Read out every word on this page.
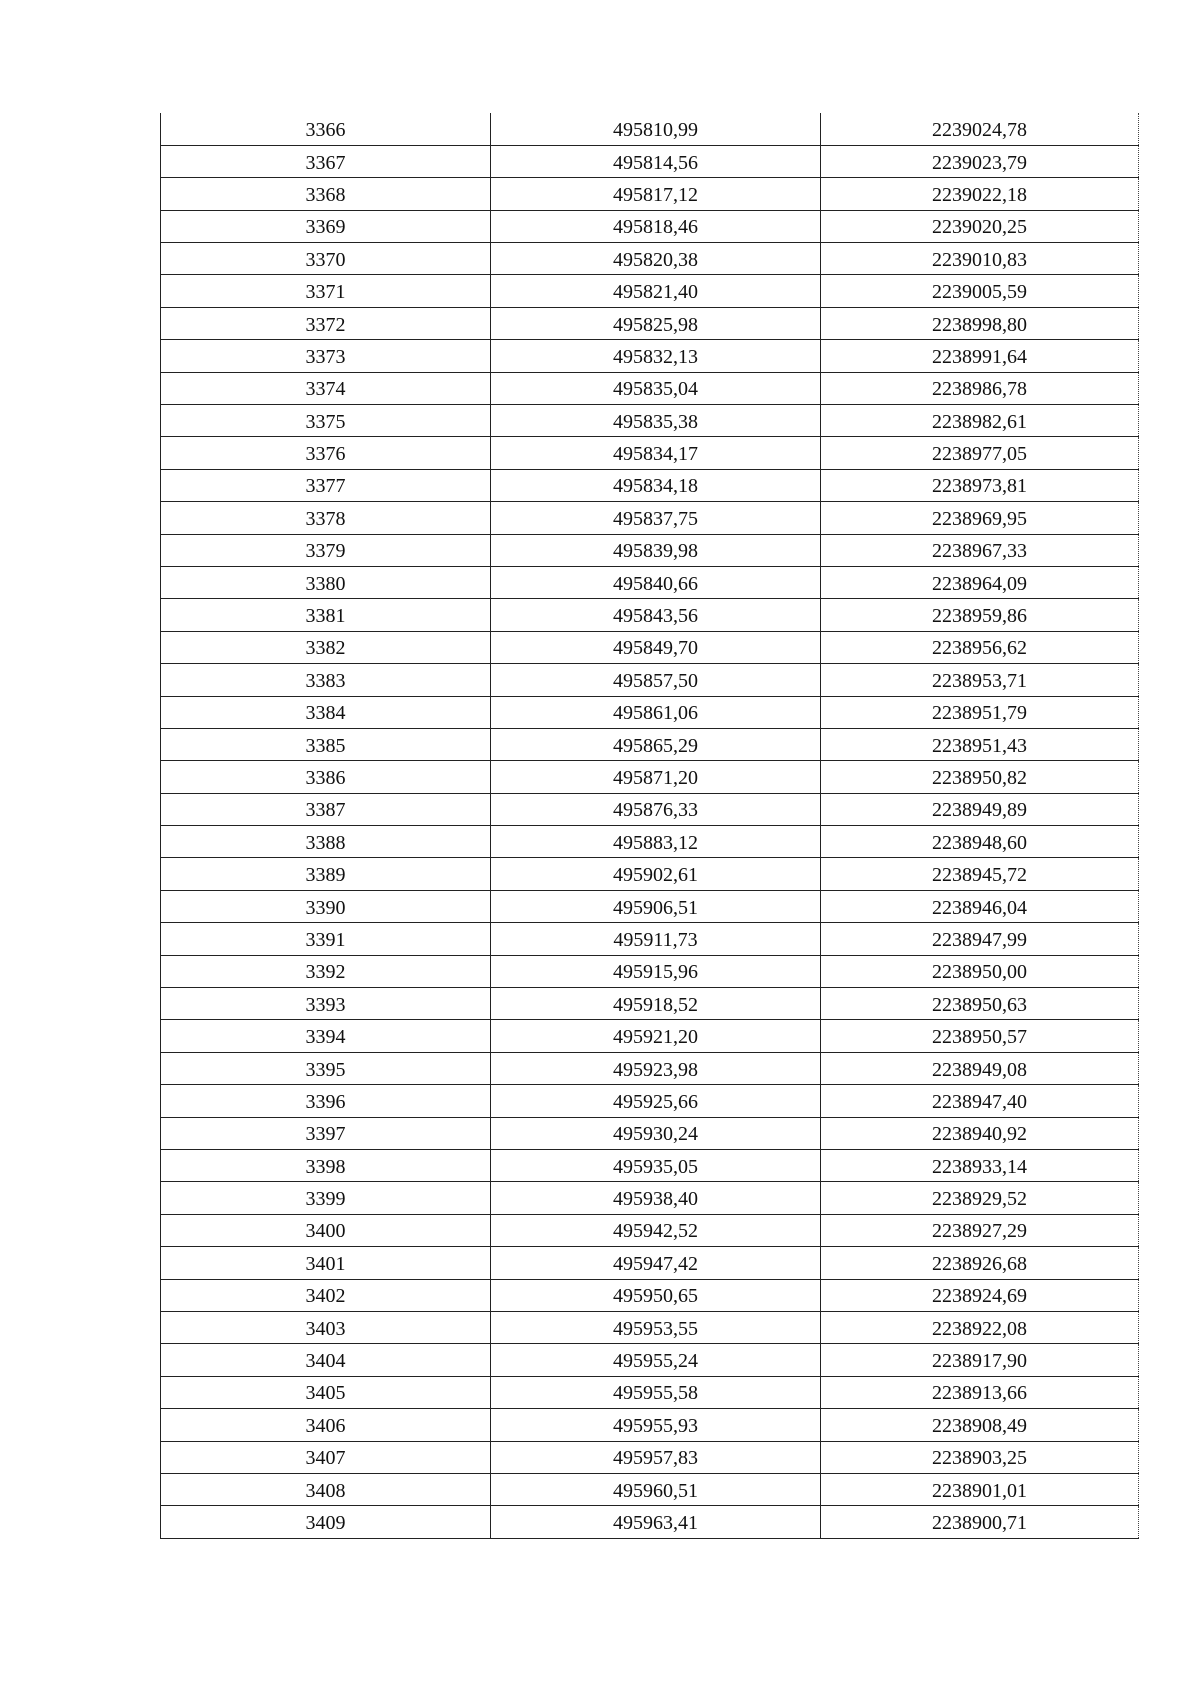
3366	495810,99	2239024,78
3367	495814,56	2239023,79
3368	495817,12	2239022,18
3369	495818,46	2239020,25
3370	495820,38	2239010,83
3371	495821,40	2239005,59
3372	495825,98	2238998,80
3373	495832,13	2238991,64
3374	495835,04	2238986,78
3375	495835,38	2238982,61
3376	495834,17	2238977,05
3377	495834,18	2238973,81
3378	495837,75	2238969,95
3379	495839,98	2238967,33
3380	495840,66	2238964,09
3381	495843,56	2238959,86
3382	495849,70	2238956,62
3383	495857,50	2238953,71
3384	495861,06	2238951,79
3385	495865,29	2238951,43
3386	495871,20	2238950,82
3387	495876,33	2238949,89
3388	495883,12	2238948,60
3389	495902,61	2238945,72
3390	495906,51	2238946,04
3391	495911,73	2238947,99
3392	495915,96	2238950,00
3393	495918,52	2238950,63
3394	495921,20	2238950,57
3395	495923,98	2238949,08
3396	495925,66	2238947,40
3397	495930,24	2238940,92
3398	495935,05	2238933,14
3399	495938,40	2238929,52
3400	495942,52	2238927,29
3401	495947,42	2238926,68
3402	495950,65	2238924,69
3403	495953,55	2238922,08
3404	495955,24	2238917,90
3405	495955,58	2238913,66
3406	495955,93	2238908,49
3407	495957,83	2238903,25
3408	495960,51	2238901,01
3409	495963,41	2238900,71
